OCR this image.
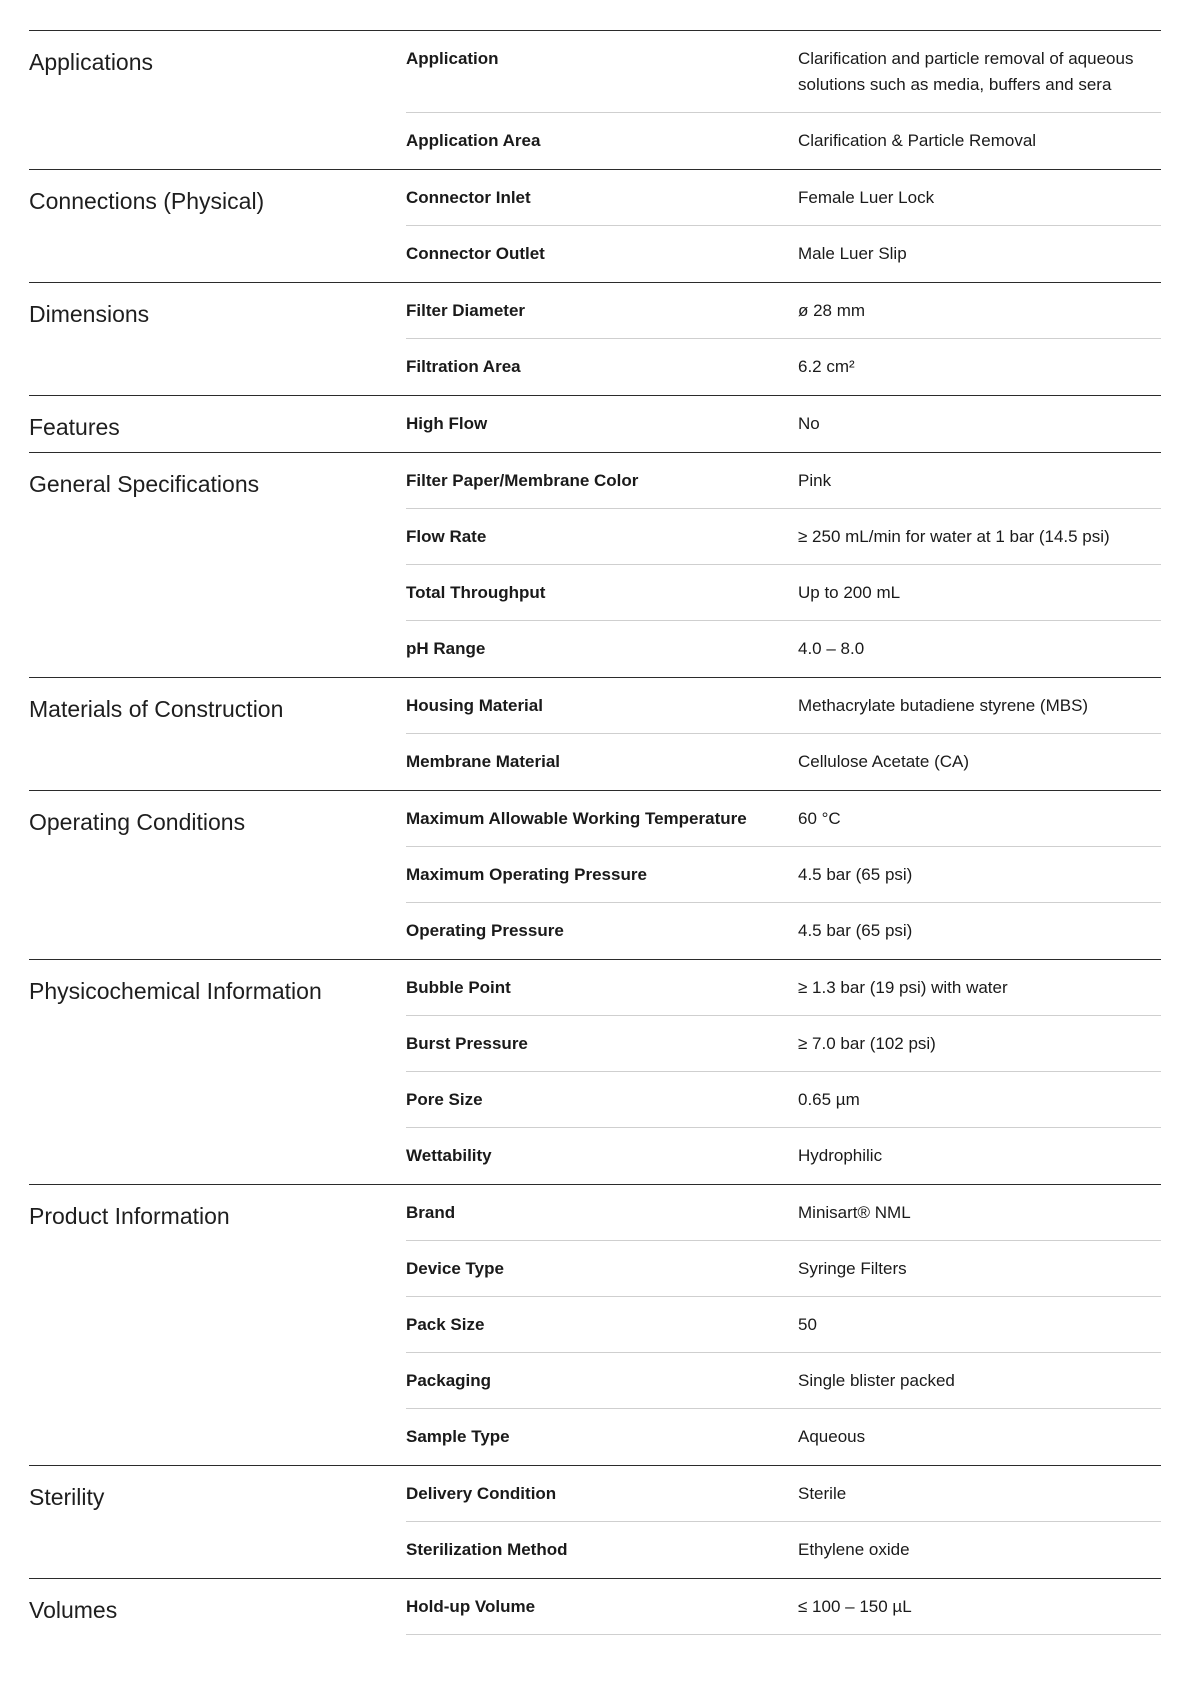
Applications	Application	Clarification and particle removal of aqueous solutions such as media, buffers and sera
Application Area	Clarification & Particle Removal
Connections (Physical)	Connector Inlet	Female Luer Lock
Connector Outlet	Male Luer Slip
Dimensions	Filter Diameter	ø 28 mm
Filtration Area	6.2 cm²
Features	High Flow	No
General Specifications	Filter Paper/Membrane Color	Pink
Flow Rate	≥ 250 mL/min for water at 1 bar (14.5 psi)
Total Throughput	Up to 200 mL
pH Range	4.0 – 8.0
Materials of Construction	Housing Material	Methacrylate butadiene styrene (MBS)
Membrane Material	Cellulose Acetate (CA)
Operating Conditions	Maximum Allowable Working Temperature	60 °C
Maximum Operating Pressure	4.5 bar (65 psi)
Operating Pressure	4.5 bar (65 psi)
Physicochemical Information	Bubble Point	≥ 1.3 bar (19 psi) with water
Burst Pressure	≥ 7.0 bar (102 psi)
Pore Size	0.65 µm
Wettability	Hydrophilic
Product Information	Brand	Minisart® NML
Device Type	Syringe Filters
Pack Size	50
Packaging	Single blister packed
Sample Type	Aqueous
Sterility	Delivery Condition	Sterile
Sterilization Method	Ethylene oxide
Volumes	Hold-up Volume	≤ 100 – 150 µL
